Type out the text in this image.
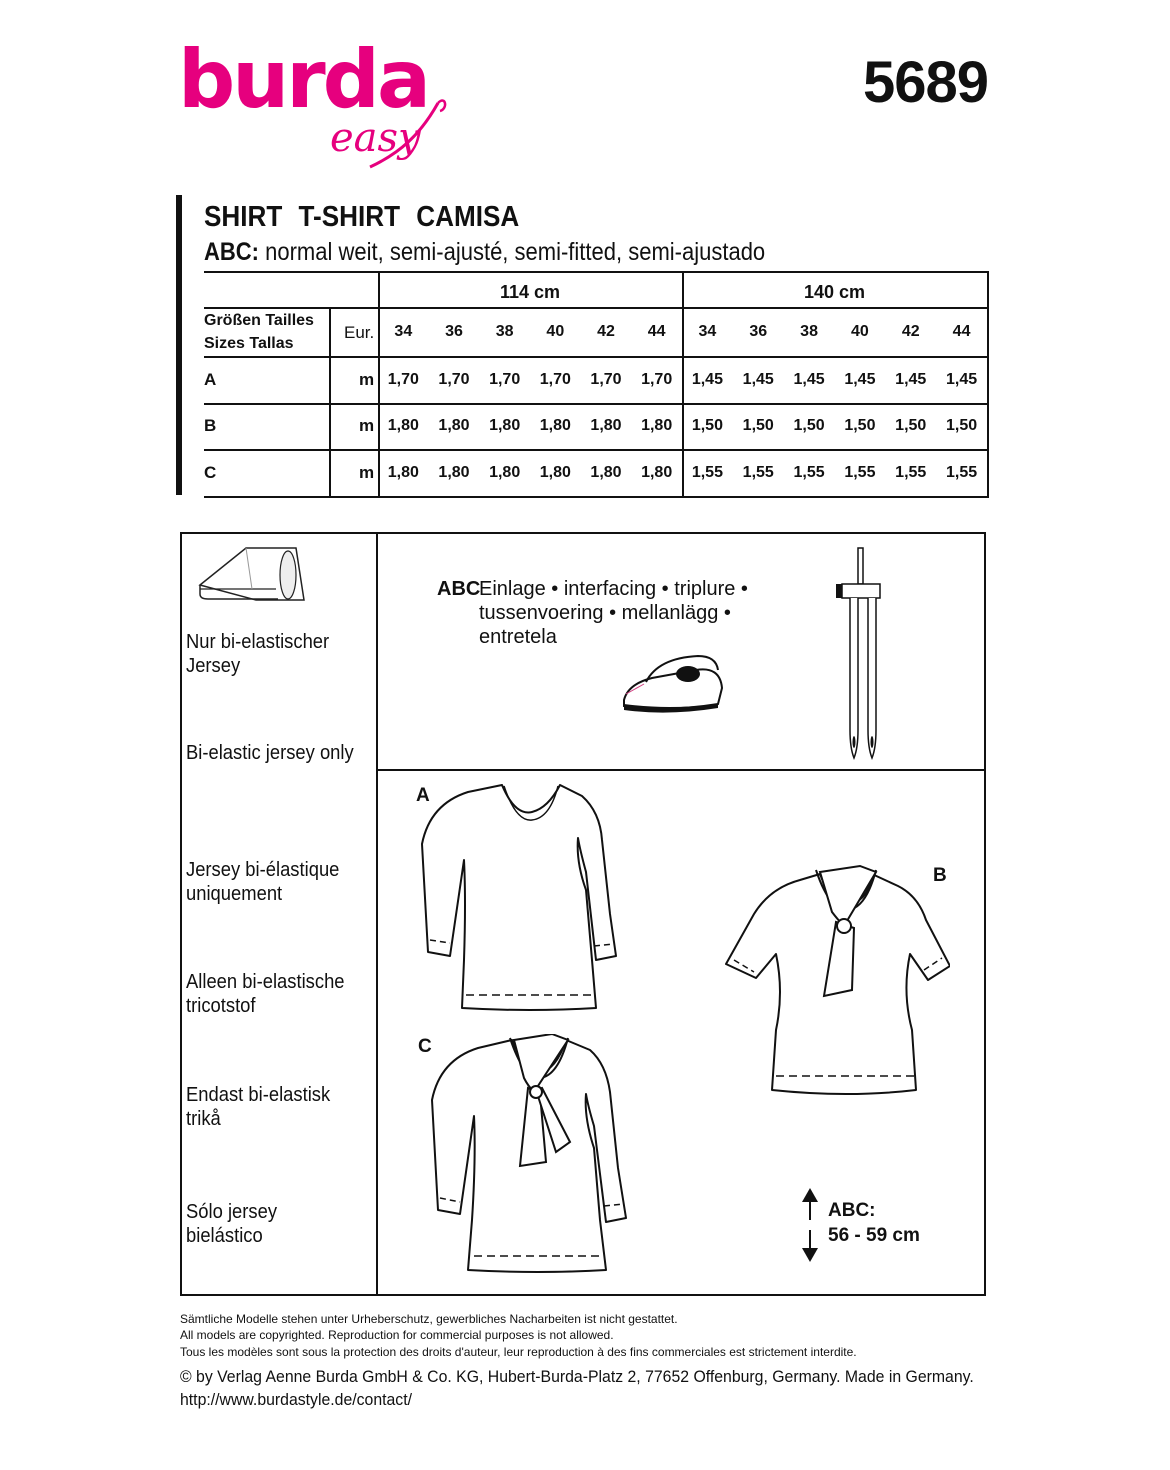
burda
easy
5689
SHIRT T-SHIRT CAMISA
ABC: normal weit, semi-ajusté, semi-fitted, semi-ajustado
114 cm	140 cm
Größen Tailles
Sizes Tallas
Eur.	34	36	38	40	42	44	34	36	38	40	42	44
A	m 1,70	1,70	1,70	1,70	1,70	1,70	1,45	1,45	1,45	1,45	1,45	1,45
B	m 1,80	1,80	1,80	1,80	1,80	1,80	1,50	1,50	1,50	1,50	1,50	1,50
C	m 1,80	1,80	1,80	1,80	1,80	1,80	1,55	1,55	1,55	1,55	1,55	1,55
Nur bi-elastischer Jersey
Bi-elastic jersey only
Jersey bi-élastique uniquement
Alleen bi-elastische tricotstof
Endast bi-elastisk trikå
Sólo jersey bielástico
ABC
Einlage • interfacing • triplure •
tussenvoering • mellanlägg •
entretela
A
B
C
ABC:
56 - 59 cm
Sämtliche Modelle stehen unter Urheberschutz, gewerbliches Nacharbeiten ist nicht gestattet.
All models are copyrighted. Reproduction for commercial purposes is not allowed.
Tous les modèles sont sous la protection des droits d'auteur, leur reproduction à des fins commerciales est strictement interdite.
© by Verlag Aenne Burda GmbH & Co. KG, Hubert-Burda-Platz 2, 77652 Offenburg, Germany. Made in Germany.
http://www.burdastyle.de/contact/
